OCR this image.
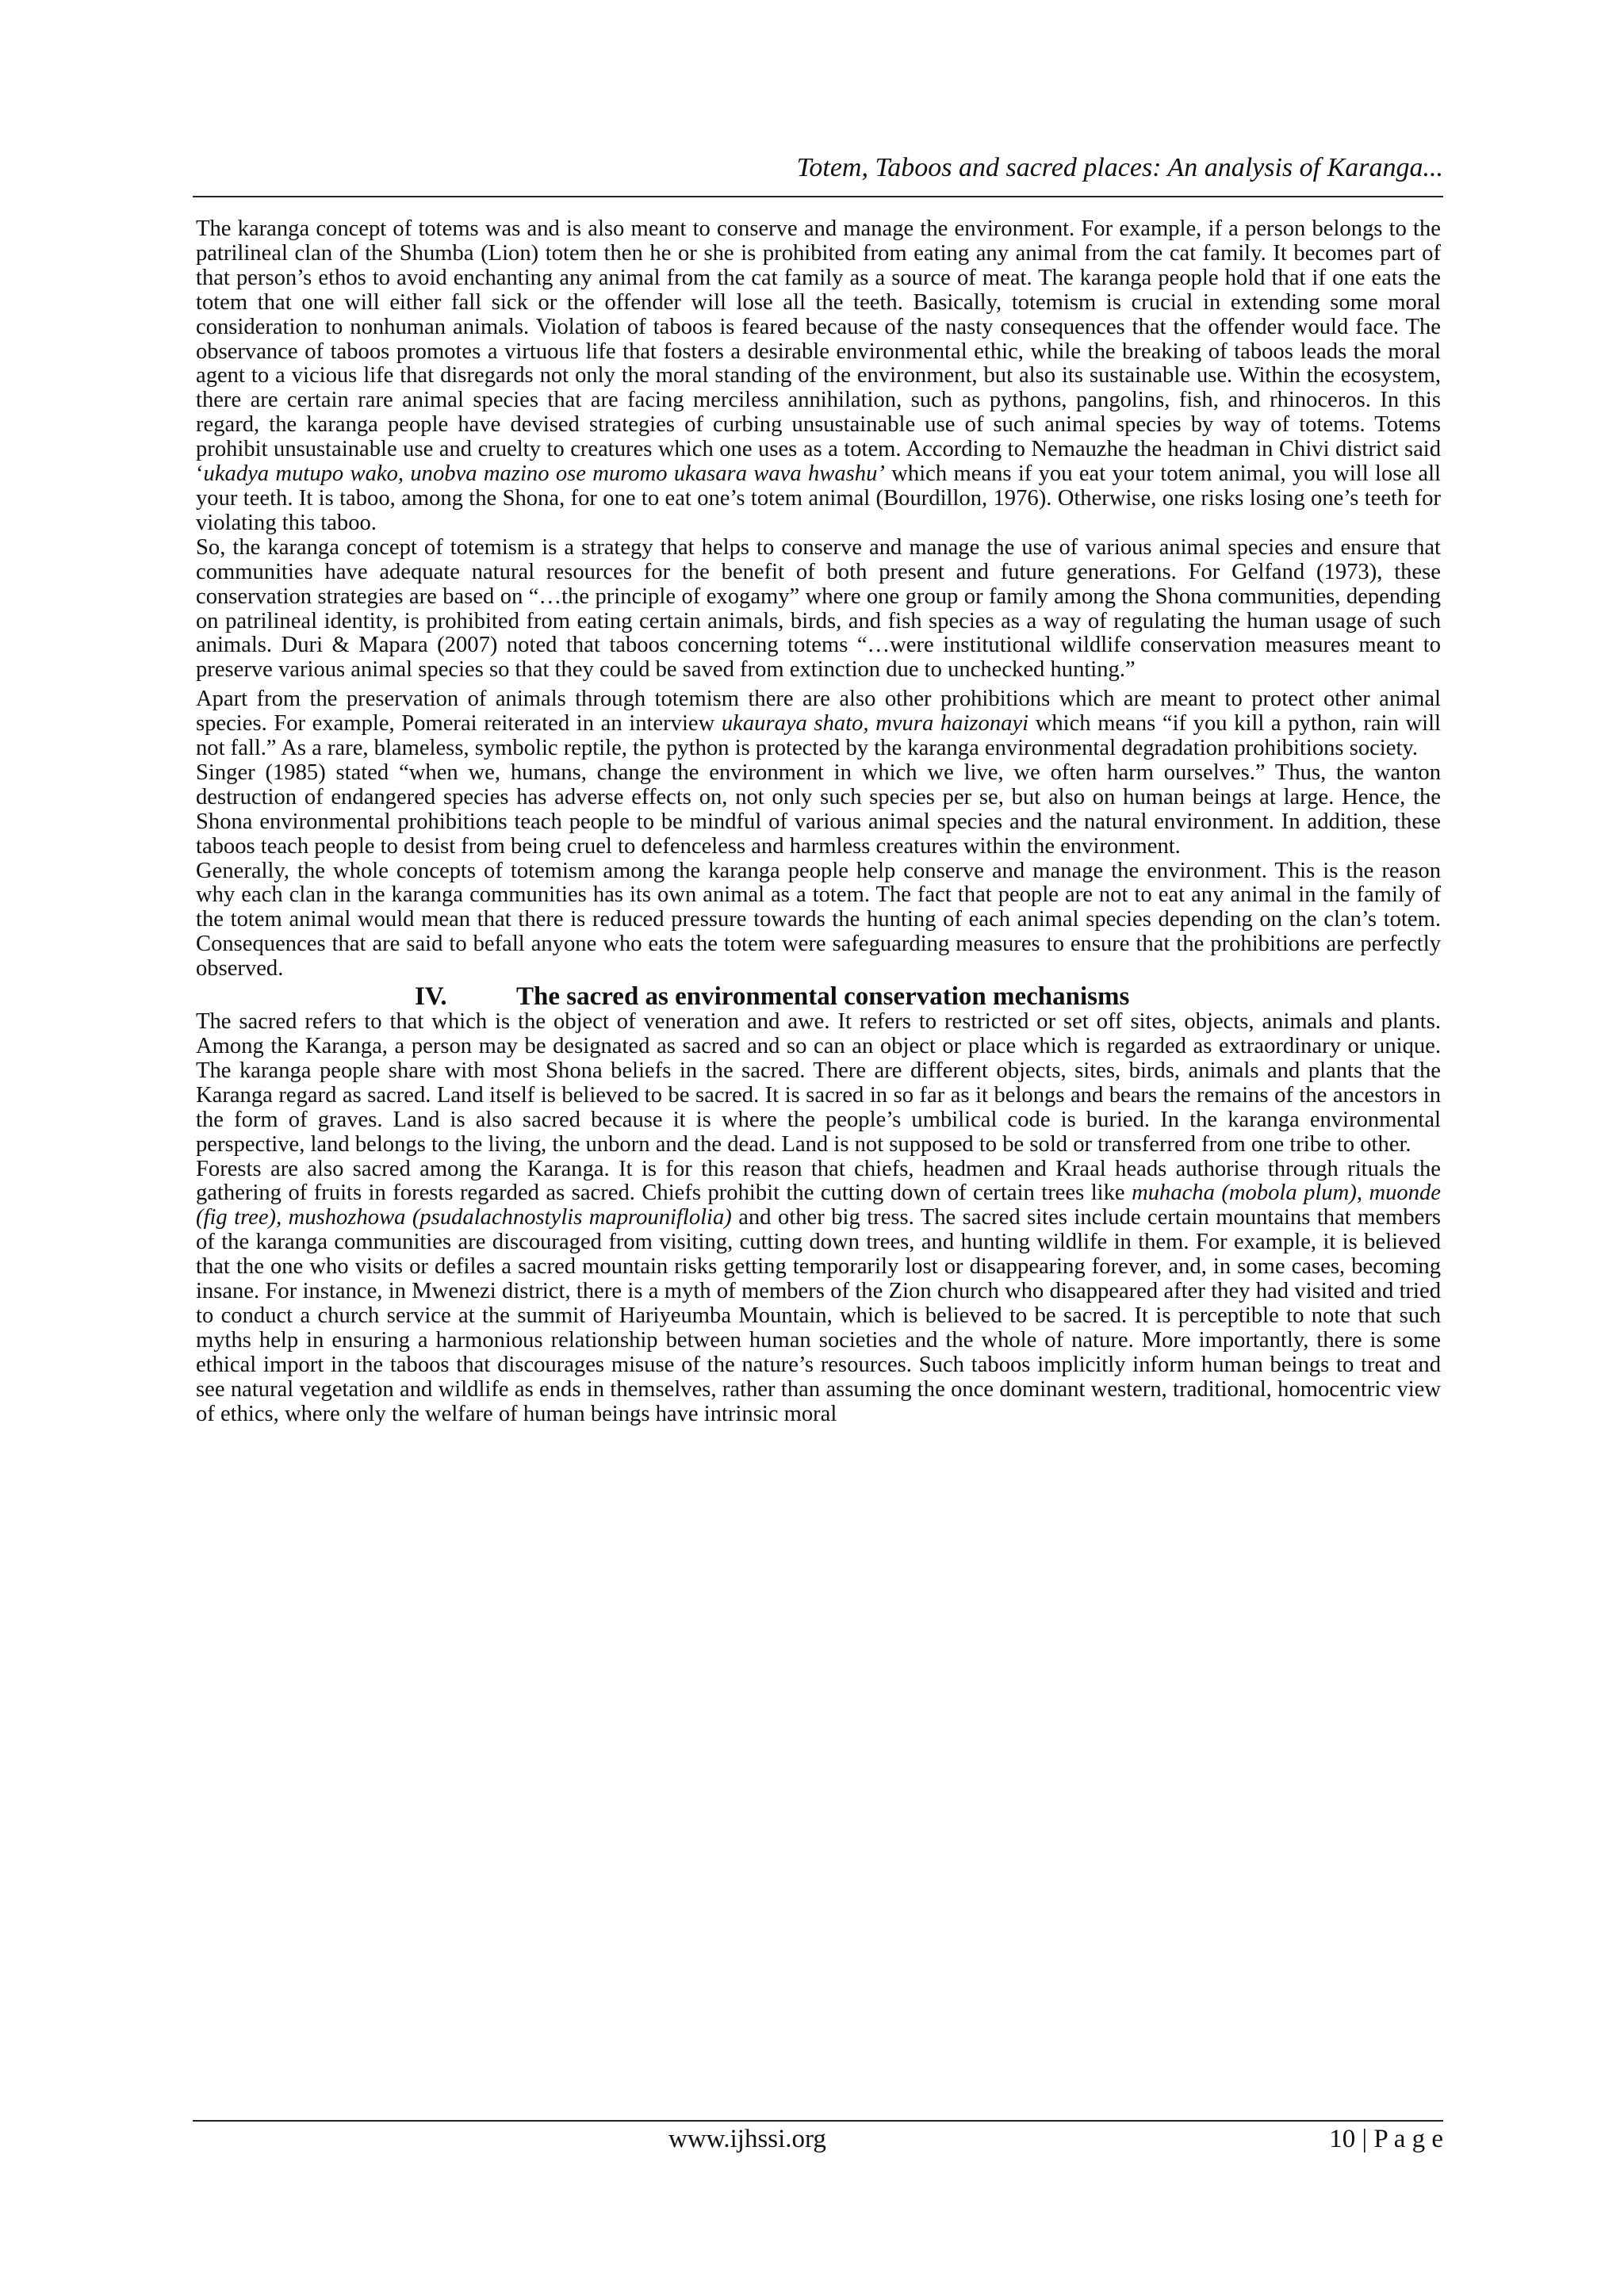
Totem, Taboos and sacred places: An analysis of Karanga...

The karanga concept of totems was and is also meant to conserve and manage the environment. For example, if a person belongs to the patrilineal clan of the Shumba (Lion) totem then he or she is prohibited from eating any animal from the cat family. It becomes part of that person’s ethos to avoid enchanting any animal from the cat family as a source of meat. The karanga people hold that if one eats the totem that one will either fall sick or the offender will lose all the teeth. Basically, totemism is crucial in extending some moral consideration to nonhuman animals. Violation of taboos is feared because of the nasty consequences that the offender would face. The observance of taboos promotes a virtuous life that fosters a desirable environmental ethic, while the breaking of taboos leads the moral agent to a vicious life that disregards not only the moral standing of the environment, but also its sustainable use. Within the ecosystem, there are certain rare animal species that are facing merciless annihilation, such as pythons, pangolins, fish, and rhinoceros. In this regard, the karanga people have devised strategies of curbing unsustainable use of such animal species by way of totems. Totems prohibit unsustainable use and cruelty to creatures which one uses as a totem. According to Nemauzhe the headman in Chivi district said ‘ukadya mutupo wako, unobva mazino ose muromo ukasara wava hwashu’ which means if you eat your totem animal, you will lose all your teeth. It is taboo, among the Shona, for one to eat one’s totem animal (Bourdillon, 1976). Otherwise, one risks losing one’s teeth for violating this taboo.

So, the karanga concept of totemism is a strategy that helps to conserve and manage the use of various animal species and ensure that communities have adequate natural resources for the benefit of both present and future generations. For Gelfand (1973), these conservation strategies are based on “…the principle of exogamy” where one group or family among the Shona communities, depending on patrilineal identity, is prohibited from eating certain animals, birds, and fish species as a way of regulating the human usage of such animals. Duri & Mapara (2007) noted that taboos concerning totems “…were institutional wildlife conservation measures meant to preserve various animal species so that they could be saved from extinction due to unchecked hunting.”

Apart from the preservation of animals through totemism there are also other prohibitions which are meant to protect other animal species. For example, Pomerai reiterated in an interview ukauraya shato, mvura haizonayi which means “if you kill a python, rain will not fall.” As a rare, blameless, symbolic reptile, the python is protected by the karanga environmental degradation prohibitions society.

Singer (1985) stated “when we, humans, change the environment in which we live, we often harm ourselves.” Thus, the wanton destruction of endangered species has adverse effects on, not only such species per se, but also on human beings at large. Hence, the Shona environmental prohibitions teach people to be mindful of various animal species and the natural environment. In addition, these taboos teach people to desist from being cruel to defenceless and harmless creatures within the environment.

Generally, the whole concepts of totemism among the karanga people help conserve and manage the environment. This is the reason why each clan in the karanga communities has its own animal as a totem. The fact that people are not to eat any animal in the family of the totem animal would mean that there is reduced pressure towards the hunting of each animal species depending on the clan’s totem. Consequences that are said to befall anyone who eats the totem were safeguarding measures to ensure that the prohibitions are perfectly observed.

IV.	The sacred as environmental conservation mechanisms

The sacred refers to that which is the object of veneration and awe. It refers to restricted or set off sites, objects, animals and plants. Among the Karanga, a person may be designated as sacred and so can an object or place which is regarded as extraordinary or unique. The karanga people share with most Shona beliefs in the sacred. There are different objects, sites, birds, animals and plants that the Karanga regard as sacred. Land itself is believed to be sacred. It is sacred in so far as it belongs and bears the remains of the ancestors in the form of graves. Land is also sacred because it is where the people’s umbilical code is buried. In the karanga environmental perspective, land belongs to the living, the unborn and the dead. Land is not supposed to be sold or transferred from one tribe to other.

Forests are also sacred among the Karanga. It is for this reason that chiefs, headmen and Kraal heads authorise through rituals the gathering of fruits in forests regarded as sacred. Chiefs prohibit the cutting down of certain trees like muhacha (mobola plum), muonde (fig tree), mushozhowa (psudalachnostylis maprouniflolia) and other big tress. The sacred sites include certain mountains that members of the karanga communities are discouraged from visiting, cutting down trees, and hunting wildlife in them. For example, it is believed that the one who visits or defiles a sacred mountain risks getting temporarily lost or disappearing forever, and, in some cases, becoming insane. For instance, in Mwenezi district, there is a myth of members of the Zion church who disappeared after they had visited and tried to conduct a church service at the summit of Hariyeumba Mountain, which is believed to be sacred. It is perceptible to note that such myths help in ensuring a harmonious relationship between human societies and the whole of nature. More importantly, there is some ethical import in the taboos that discourages misuse of the nature’s resources. Such taboos implicitly inform human beings to treat and see natural vegetation and wildlife as ends in themselves, rather than assuming the once dominant western, traditional, homocentric view of ethics, where only the welfare of human beings have intrinsic moral

www.ijhssi.org	10 | P a g e
